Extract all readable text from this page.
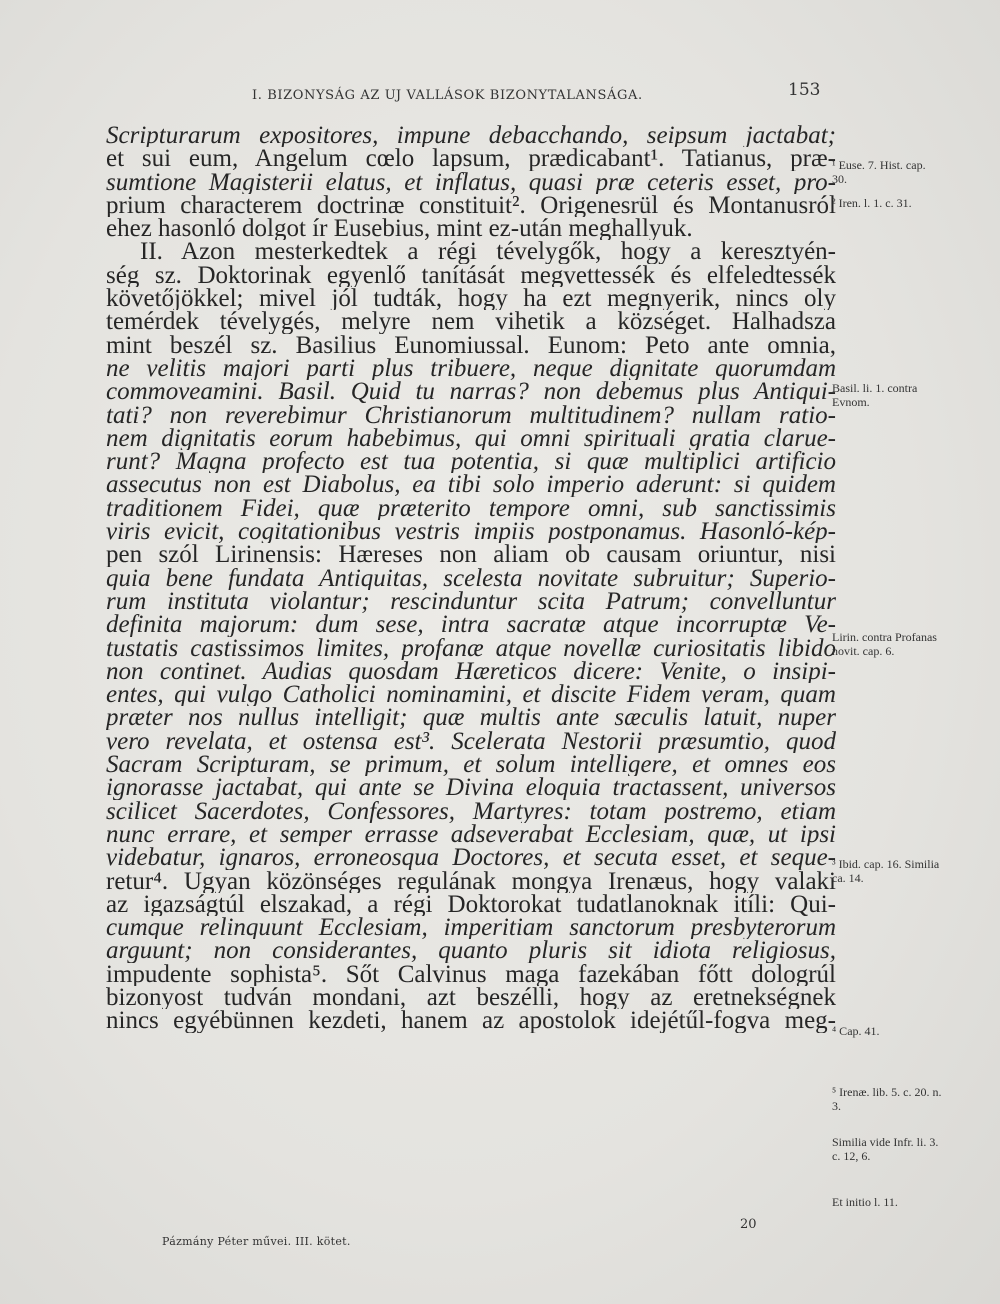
I. BIZONYSÁG AZ UJ VALLÁSOK BIZONYTALANSÁGA.	153
Scripturarum expositores, impune debacchando, seipsum jactabat;
et sui eum, Angelum cœlo lapsum, prædicabant¹. Tatianus, præ-
sumtione Magisterii elatus, et inflatus, quasi præ ceteris esset, pro-
prium characterem doctrinæ constituit². Origenesrül és Montanusról
ehez hasonló dolgot ír Eusebius, mint ez-után meghallyuk.
II. Azon mesterkedtek a régi tévelygők, hogy a keresztyén-
ség sz. Doktorinak egyenlő tanítását megvettessék és elfeledtessék
követőjökkel; mivel jól tudták, hogy ha ezt megnyerik, nincs oly
temérdek tévelygés, melyre nem vihetik a községet. Halhadsza
mint beszél sz. Basilius Eunomiussal. Eunom: Peto ante omnia,
ne velitis majori parti plus tribuere, neque dignitate quorumdam
commoveamini. Basil. Quid tu narras? non debemus plus Antiqui-
tati? non reverebimur Christianorum multitudinem? nullam ratio-
nem dignitatis eorum habebimus, qui omni spirituali gratia clarue-
runt? Magna profecto est tua potentia, si quæ multiplici artificio
assecutus non est Diabolus, ea tibi solo imperio aderunt: si quidem
traditionem Fidei, quæ præterito tempore omni, sub sanctissimis
viris evicit, cogitationibus vestris impiis postponamus. Hasonló-kép-
pen szól Lirinensis: Hæreses non aliam ob causam oriuntur, nisi
quia bene fundata Antiquitas, scelesta novitate subruitur; Superio-
rum instituta violantur; rescinduntur scita Patrum; convelluntur
definita majorum: dum sese, intra sacratæ atque incorruptæ Ve-
tustatis castissimos limites, profanæ atque novellæ curiositatis libido
non continet. Audias quosdam Hæreticos dicere: Venite, o insipi-
entes, qui vulgo Catholici nominamini, et discite Fidem veram, quam
præter nos nullus intelligit; quæ multis ante sæculis latuit, nuper
vero revelata, et ostensa est³. Scelerata Nestorii præsumtio, quod
Sacram Scripturam, se primum, et solum intelligere, et omnes eos
ignorasse jactabat, qui ante se Divina eloquia tractassent, universos
scilicet Sacerdotes, Confessores, Martyres: totam postremo, etiam
nunc errare, et semper errasse adseverabat Ecclesiam, quæ, ut ipsi
videbatur, ignaros, erroneosqua Doctores, et secuta esset, et seque-
retur⁴. Ugyan közönséges regulának mongya Irenæus, hogy valaki
az igazságtúl elszakad, a régi Doktorokat tudatlanoknak itíli: Qui-
cumque relinquunt Ecclesiam, imperitiam sanctorum presbyterorum
arguunt; non considerantes, quanto pluris sit idiota religiosus,
impudente sophista⁵. Sőt Calvinus maga fazekában főtt dologrúl
bizonyost tudván mondani, azt beszélli, hogy az eretnekségnek
nincs egyébünnen kezdeti, hanem az apostolok idejétűl-fogva meg-
¹ Euse. 7. Hist. cap. 30.
² Iren. l. 1. c. 31.
Basil. li. 1. contra Evnom.
Lirin. contra Profanas novit. cap. 6.
³ Ibid. cap. 16. Similia ca. 14.
⁴ Cap. 41.
⁵ Irenæ. lib. 5. c. 20. n. 3.
Similia vide Infr. li. 3. c. 12, 6.
Et initio l. 11.
20
Pázmány Péter művei. III. kötet.
